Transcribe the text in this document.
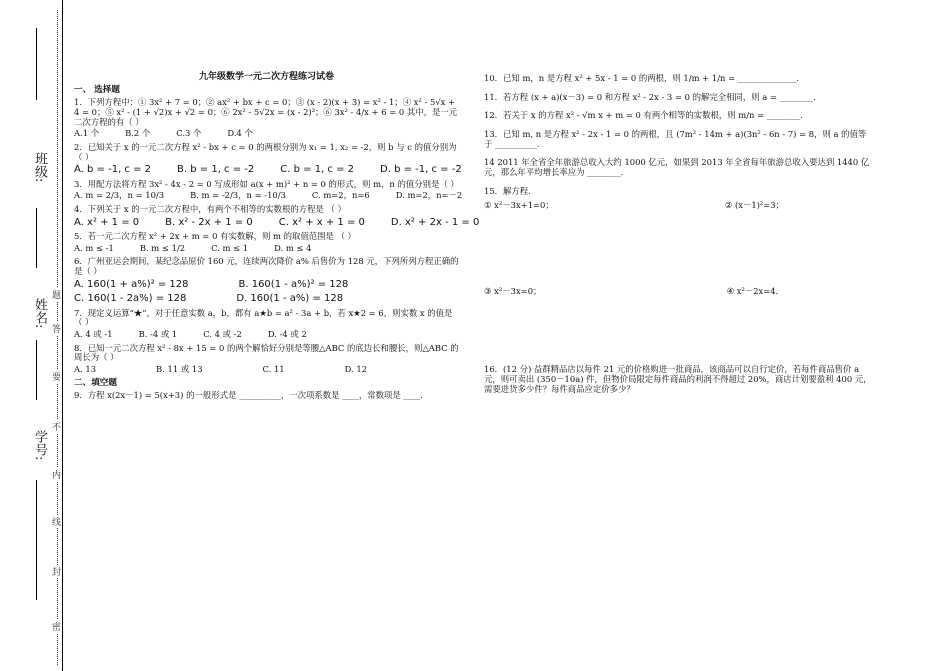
班级:
姓名:
学号:
密
封
线
内
不
要
答
题
九年级数学一元二次方程练习试卷
一、 选择题
1．下列方程中：① 3x² + 7 = 0；② ax² + bx + c = 0；③ (x - 2)(x + 3) = x² - 1；④ x² - 5√x + 4 = 0；⑤ x² - (1 + √2)x + √2 = 0；⑥ 2x² - 5√2x = (x - 2)²；⑥ 3x² - 4/x + 6 = 0 其中，是一元二次方程的有（ ）
A.1 个	B.2 个	C.3 个	D.4 个
2．已知关于 x 的一元二次方程 x² - bx + c = 0 的两根分别为 x₁ = 1, x₂ = -2，则 b 与 c 的值分别为（ ）
A. b = -1, c = 2	B. b = 1, c = -2	C. b = 1, c = 2	D. b = -1, c = -2
3．用配方法将方程 3x² - 4x - 2 = 0 写成形如 a(x + m)² + n = 0 的形式，则 m，n 的值分别是（ ）
A. m = 2/3，n = 10/3	B. m = -2/3，n = -10/3	C. m=2，n=6	D. m=2，n=－2
4．下列关于 x 的一元二次方程中，有两个不相等的实数根的方程是 （ ）
A. x² + 1 = 0	B. x² - 2x + 1 = 0	C. x² + x + 1 = 0	D. x² + 2x - 1 = 0
5．若一元二次方程 x² + 2x + m = 0 有实数解，则 m 的取值范围是 （ ）
A. m ≤ -1	B. m ≤ 1/2	C. m ≤ 1	D. m ≤ 4
6．广州亚运会期间，某纪念品原价 160 元，连续两次降价 a% 后售价为 128 元，下列所列方程正确的是（ ）
A. 160(1 + a%)² = 128	B. 160(1 - a%)² = 128
C. 160(1 - 2a%) = 128	D. 160(1 - a%) = 128
7．现定义运算“★”，对于任意实数 a，b，都有 a★b = a² - 3a + b，若 x★2 = 6，则实数 x 的值是（ ）
A. 4 或 -1	B. -4 或 1	C. 4 或 -2	D. -4 或 2
8．已知一元二次方程 x² - 8x + 15 = 0 的两个解恰好分别是等腰△ABC 的底边长和腰长，则△ABC 的周长为（ ）
A. 13	B. 11 或 13	C. 11	D. 12
二、填空题
9．方程 x(2x－1) = 5(x+3) 的一般形式是 __________，一次项系数是 ____，常数项是 ____．
10．已知 m，n 是方程 x² + 5x - 1 = 0 的两根，则 1/m + 1/n = ______________．
11．若方程 (x + a)(x－3) = 0 和方程 x² - 2x - 3 = 0 的解完全相同，则 a = ________．
12．若关于 x 的方程 x² - √m x + m = 0 有两个相等的实数根，则 m/n = ________．
13．已知 m, n 是方程 x² - 2x - 1 = 0 的两根，且 (7m² - 14m + a)(3n² - 6n - 7) = 8，则 a 的值等于 __________．
14 2011 年全省全年旅游总收入大约 1000 亿元，如果到 2013 年全省每年旅游总收入要达到 1440 亿元，那么年平均增长率应为 ________．
15．解方程.
① x²－3x+1=0；	② (x－1)²=3；
③ x²－3x=0；	④ x²－2x=4．
16．(12 分) 益群精品店以每件 21 元的价格购进一批商品，该商品可以自行定价，若每件商品售价 a 元，则可卖出 (350－10a) 件，但物价局限定每件商品的利润不得超过 20%，商店计划要盈利 400 元，需要进货多少件？每件商品应定价多少？
